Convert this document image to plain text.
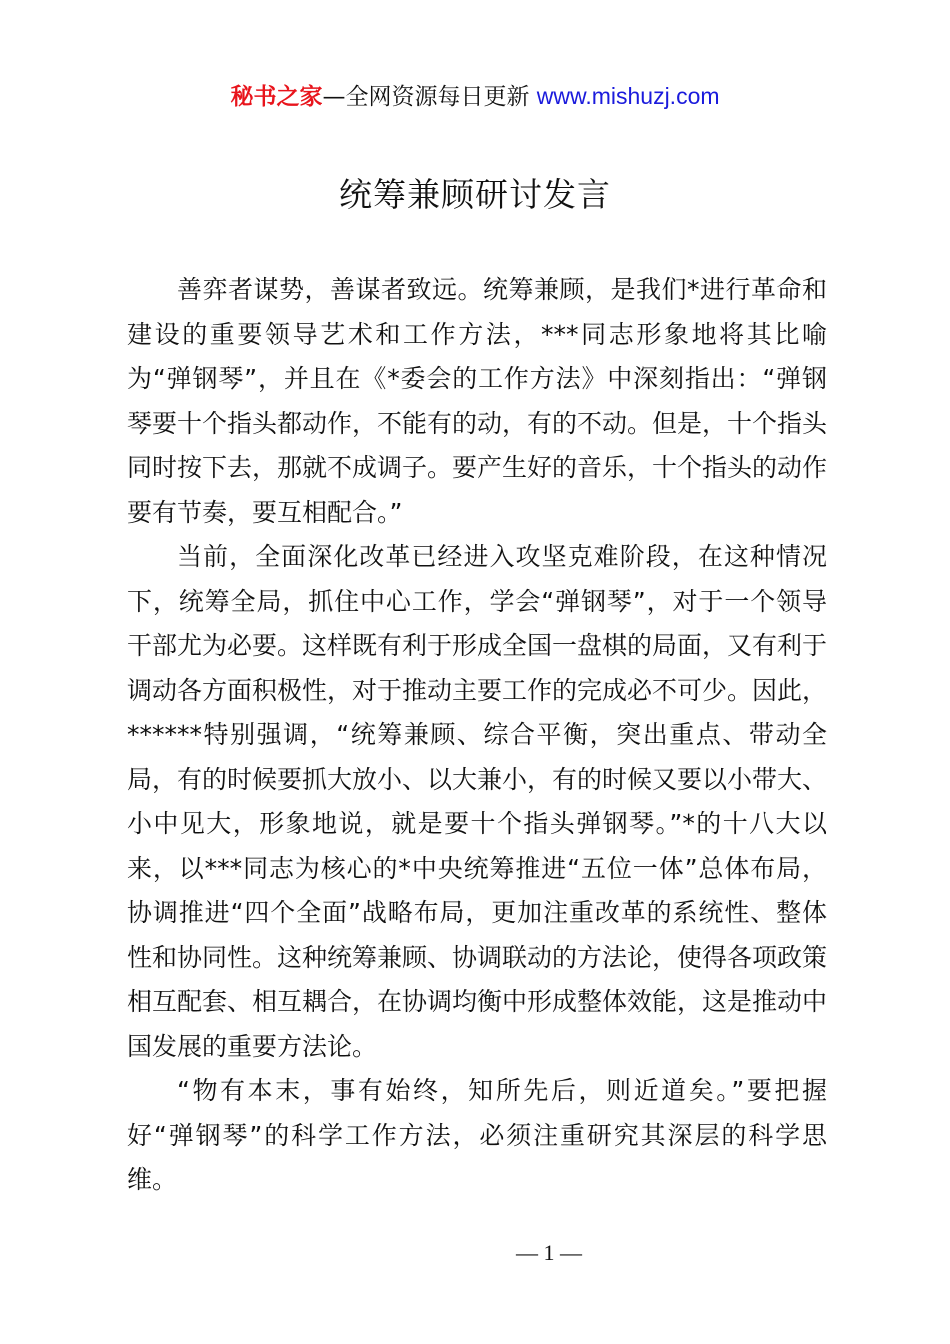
秘书之家—全网资源每日更新 www.mishuzj.com
统筹兼顾研讨发言

善弈者谋势，善谋者致远。统筹兼顾，是我们*进行革命和建设的重要领导艺术和工作方法，***同志形象地将其比喻为“弹钢琴”，并且在《*委会的工作方法》中深刻指出：“弹钢琴要十个指头都动作，不能有的动，有的不动。但是，十个指头同时按下去，那就不成调子。要产生好的音乐，十个指头的动作要有节奏，要互相配合。”

当前，全面深化改革已经进入攻坚克难阶段，在这种情况下，统筹全局，抓住中心工作，学会“弹钢琴”，对于一个领导干部尤为必要。这样既有利于形成全国一盘棋的局面，又有利于调动各方面积极性，对于推动主要工作的完成必不可少。因此，******特别强调，“统筹兼顾、综合平衡，突出重点、带动全局，有的时候要抓大放小、以大兼小，有的时候又要以小带大、小中见大，形象地说，就是要十个指头弹钢琴。”*的十八大以来，以***同志为核心的*中央统筹推进“五位一体”总体布局，协调推进“四个全面”战略布局，更加注重改革的系统性、整体性和协同性。这种统筹兼顾、协调联动的方法论，使得各项政策相互配套、相互耦合，在协调均衡中形成整体效能，这是推动中国发展的重要方法论。

“物有本末，事有始终，知所先后，则近道矣。”要把握好“弹钢琴”的科学工作方法，必须注重研究其深层的科学思维。

— 1 —
